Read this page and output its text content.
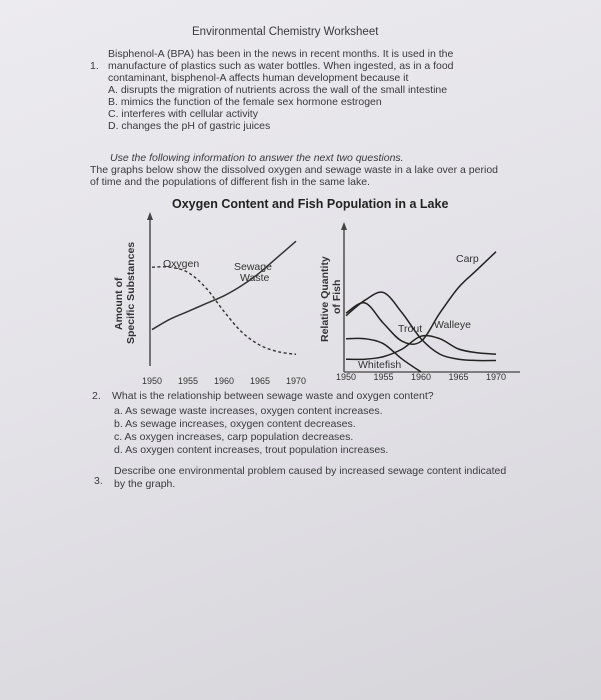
Environmental Chemistry Worksheet
1.
Bisphenol-A (BPA) has been in the news in recent months. It is used in the
manufacture of plastics such as water bottles. When ingested, as in a food
contaminant, bisphenol-A affects human development because it
A. disrupts the migration of nutrients across the wall of the small intestine
B. mimics the function of the female sex hormone estrogen
C. interferes with cellular activity
D. changes the pH of gastric juices
Use the following information to answer the next two questions.
The graphs below show the dissolved oxygen and sewage waste in a lake over a period
of time and the populations of different fish in the same lake.
Oxygen Content and Fish Population in a Lake
Amount of Specific Substances Oxygen	Sewage
Waste
1950 1955 1960 1965 1970
Relative Quantity of Fish
Carp
Trout Walleye
Whitefish
1950 1955 1960 1965 1970
2. What is the relationship between sewage waste and oxygen content?
a. As sewage waste increases, oxygen content increases.
b. As sewage increases, oxygen content decreases.
c. As oxygen increases, carp population decreases.
d. As oxygen content increases, trout population increases.
3.
Describe one environmental problem caused by increased sewage content indicated
by the graph.
